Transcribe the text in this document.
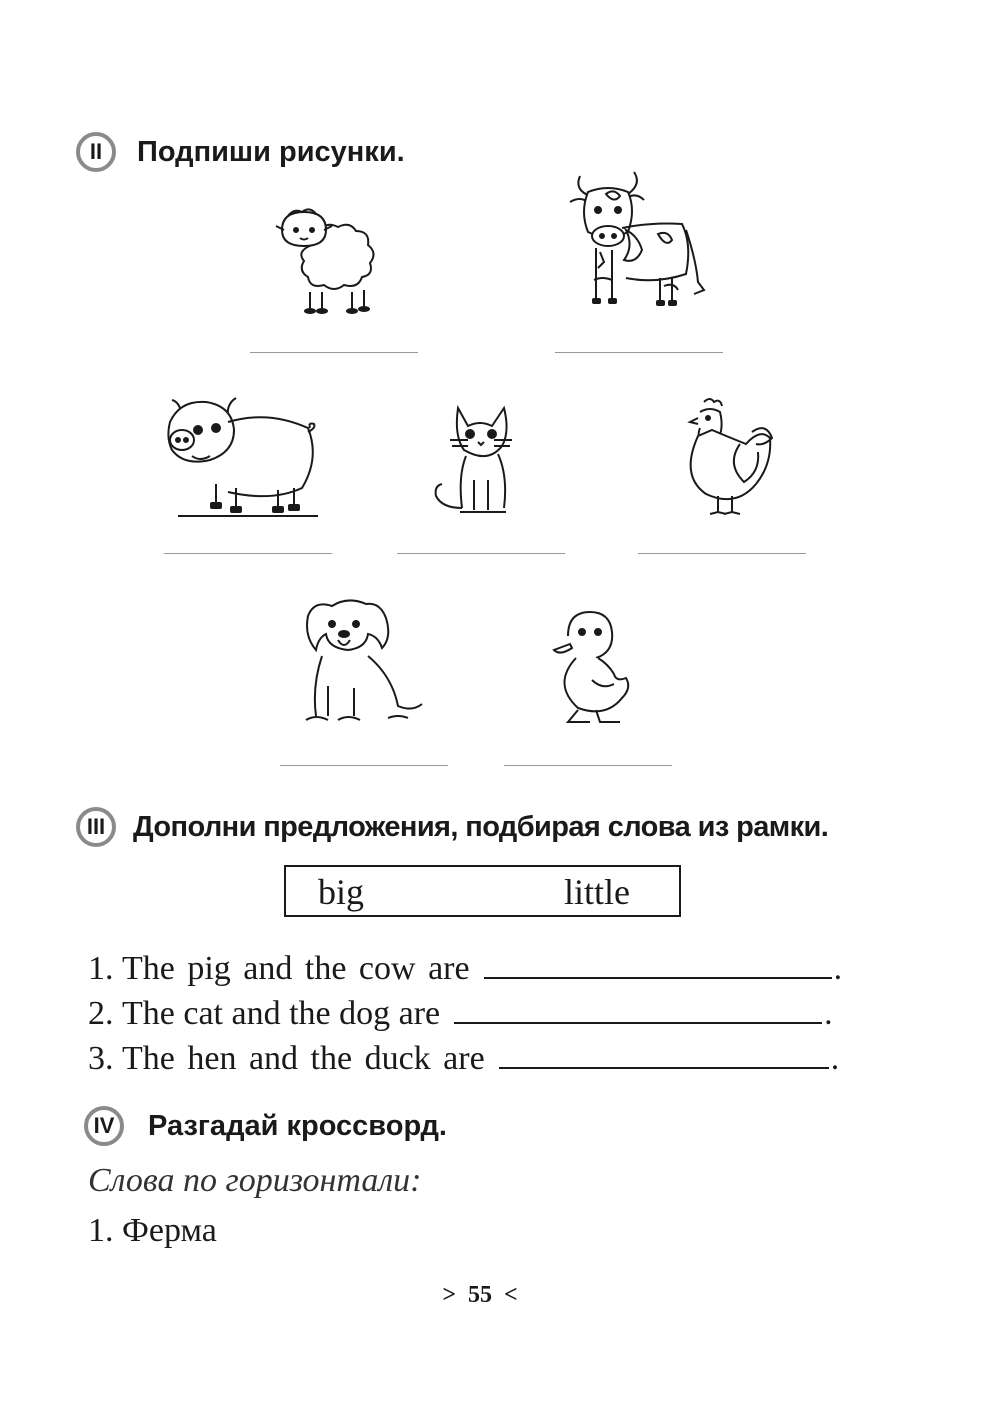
II Подпиши рисунки.
III Дополни предложения, подбирая слова из рамки.
big	little
1.
The pig and the cow are	.
2.
The cat and the dog are	.
3.
The hen and the duck are	.
IV Разгадай кроссворд.
Слова по горизонтали:
1. Ферма
> 55 <
